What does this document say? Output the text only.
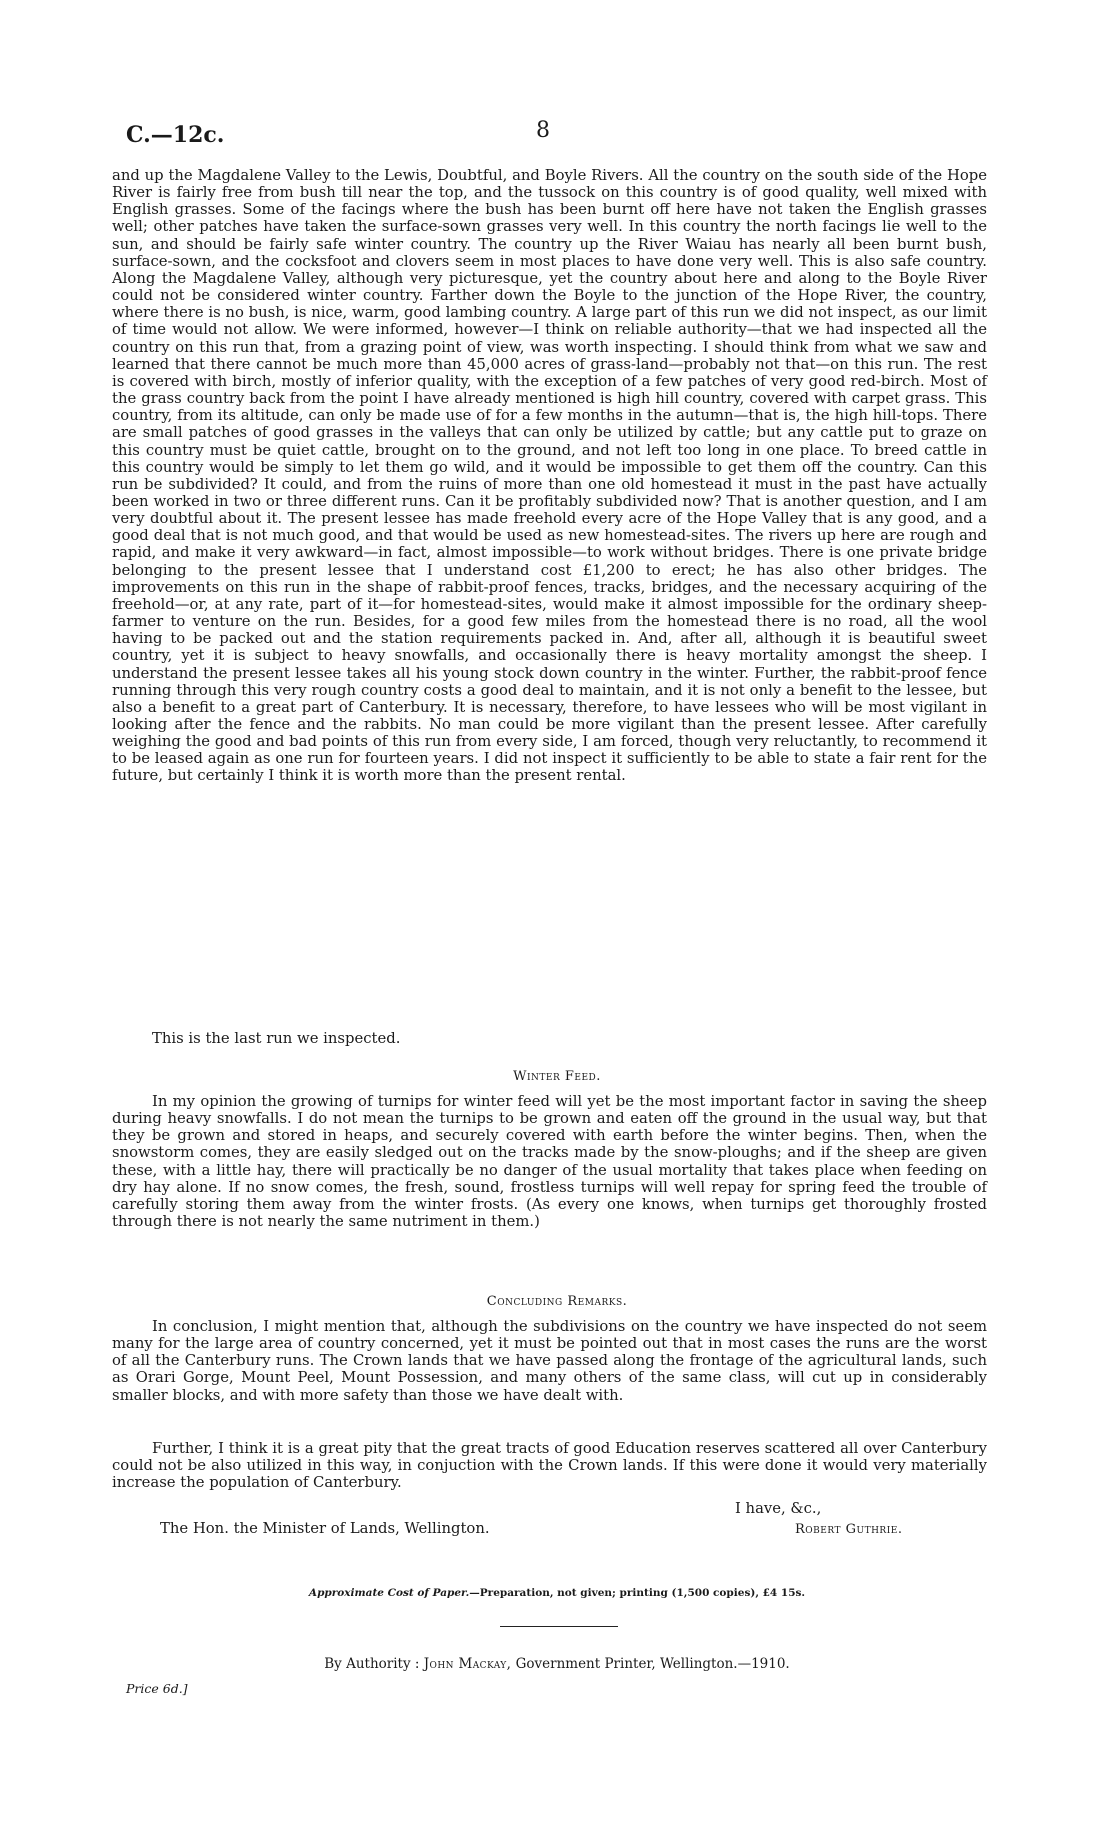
C.—12c.	8

and up the Magdalene Valley to the Lewis, Doubtful, and Boyle Rivers. All the country on the south side of the Hope River is fairly free from bush till near the top, and the tussock on this country is of good quality, well mixed with English grasses. Some of the facings where the bush has been burnt off here have not taken the English grasses well; other patches have taken the surface-sown grasses very well. In this country the north facings lie well to the sun, and should be fairly safe winter country. The country up the River Waiau has nearly all been burnt bush, surface-sown, and the cocksfoot and clovers seem in most places to have done very well. This is also safe country. Along the Magdalene Valley, although very picturesque, yet the country about here and along to the Boyle River could not be considered winter country. Farther down the Boyle to the junction of the Hope River, the country, where there is no bush, is nice, warm, good lambing country. A large part of this run we did not inspect, as our limit of time would not allow. We were informed, however—I think on reliable authority—that we had inspected all the country on this run that, from a grazing point of view, was worth inspecting. I should think from what we saw and learned that there cannot be much more than 45,000 acres of grass-land—probably not that—on this run. The rest is covered with birch, mostly of inferior quality, with the exception of a few patches of very good red-birch. Most of the grass country back from the point I have already mentioned is high hill country, covered with carpet grass. This country, from its altitude, can only be made use of for a few months in the autumn—that is, the high hill-tops. There are small patches of good grasses in the valleys that can only be utilized by cattle; but any cattle put to graze on this country must be quiet cattle, brought on to the ground, and not left too long in one place. To breed cattle in this country would be simply to let them go wild, and it would be impossible to get them off the country. Can this run be subdivided? It could, and from the ruins of more than one old homestead it must in the past have actually been worked in two or three different runs. Can it be profitably subdivided now? That is another question, and I am very doubtful about it. The present lessee has made freehold every acre of the Hope Valley that is any good, and a good deal that is not much good, and that would be used as new homestead-sites. The rivers up here are rough and rapid, and make it very awkward—in fact, almost impossible—to work without bridges. There is one private bridge belonging to the present lessee that I understand cost £1,200 to erect; he has also other bridges. The improvements on this run in the shape of rabbit-proof fences, tracks, bridges, and the necessary acquiring of the freehold—or, at any rate, part of it—for homestead-sites, would make it almost impossible for the ordinary sheep-farmer to venture on the run. Besides, for a good few miles from the homestead there is no road, all the wool having to be packed out and the station requirements packed in. And, after all, although it is beautiful sweet country, yet it is subject to heavy snowfalls, and occasionally there is heavy mortality amongst the sheep. I understand the present lessee takes all his young stock down country in the winter. Further, the rabbit-proof fence running through this very rough country costs a good deal to maintain, and it is not only a benefit to the lessee, but also a benefit to a great part of Canterbury. It is necessary, therefore, to have lessees who will be most vigilant in looking after the fence and the rabbits. No man could be more vigilant than the present lessee. After carefully weighing the good and bad points of this run from every side, I am forced, though very reluctantly, to recommend it to be leased again as one run for fourteen years. I did not inspect it sufficiently to be able to state a fair rent for the future, but certainly I think it is worth more than the present rental.

This is the last run we inspected.

Winter Feed.

In my opinion the growing of turnips for winter feed will yet be the most important factor in saving the sheep during heavy snowfalls. I do not mean the turnips to be grown and eaten off the ground in the usual way, but that they be grown and stored in heaps, and securely covered with earth before the winter begins. Then, when the snowstorm comes, they are easily sledged out on the tracks made by the snow-ploughs; and if the sheep are given these, with a little hay, there will practically be no danger of the usual mortality that takes place when feeding on dry hay alone. If no snow comes, the fresh, sound, frostless turnips will well repay for spring feed the trouble of carefully storing them away from the winter frosts. (As every one knows, when turnips get thoroughly frosted through there is not nearly the same nutriment in them.)

Concluding Remarks.

In conclusion, I might mention that, although the subdivisions on the country we have inspected do not seem many for the large area of country concerned, yet it must be pointed out that in most cases the runs are the worst of all the Canterbury runs. The Crown lands that we have passed along the frontage of the agricultural lands, such as Orari Gorge, Mount Peel, Mount Possession, and many others of the same class, will cut up in considerably smaller blocks, and with more safety than those we have dealt with.

Further, I think it is a great pity that the great tracts of good Education reserves scattered all over Canterbury could not be also utilized in this way, in conjuction with the Crown lands. If this were done it would very materially increase the population of Canterbury.

I have, &c.,
The Hon. the Minister of Lands, Wellington.	Robert Guthrie.
Approximate Cost of Paper.—Preparation, not given; printing (1,500 copies), £4 15s.
By Authority : John Mackay, Government Printer, Wellington.—1910.
Price 6d.]
